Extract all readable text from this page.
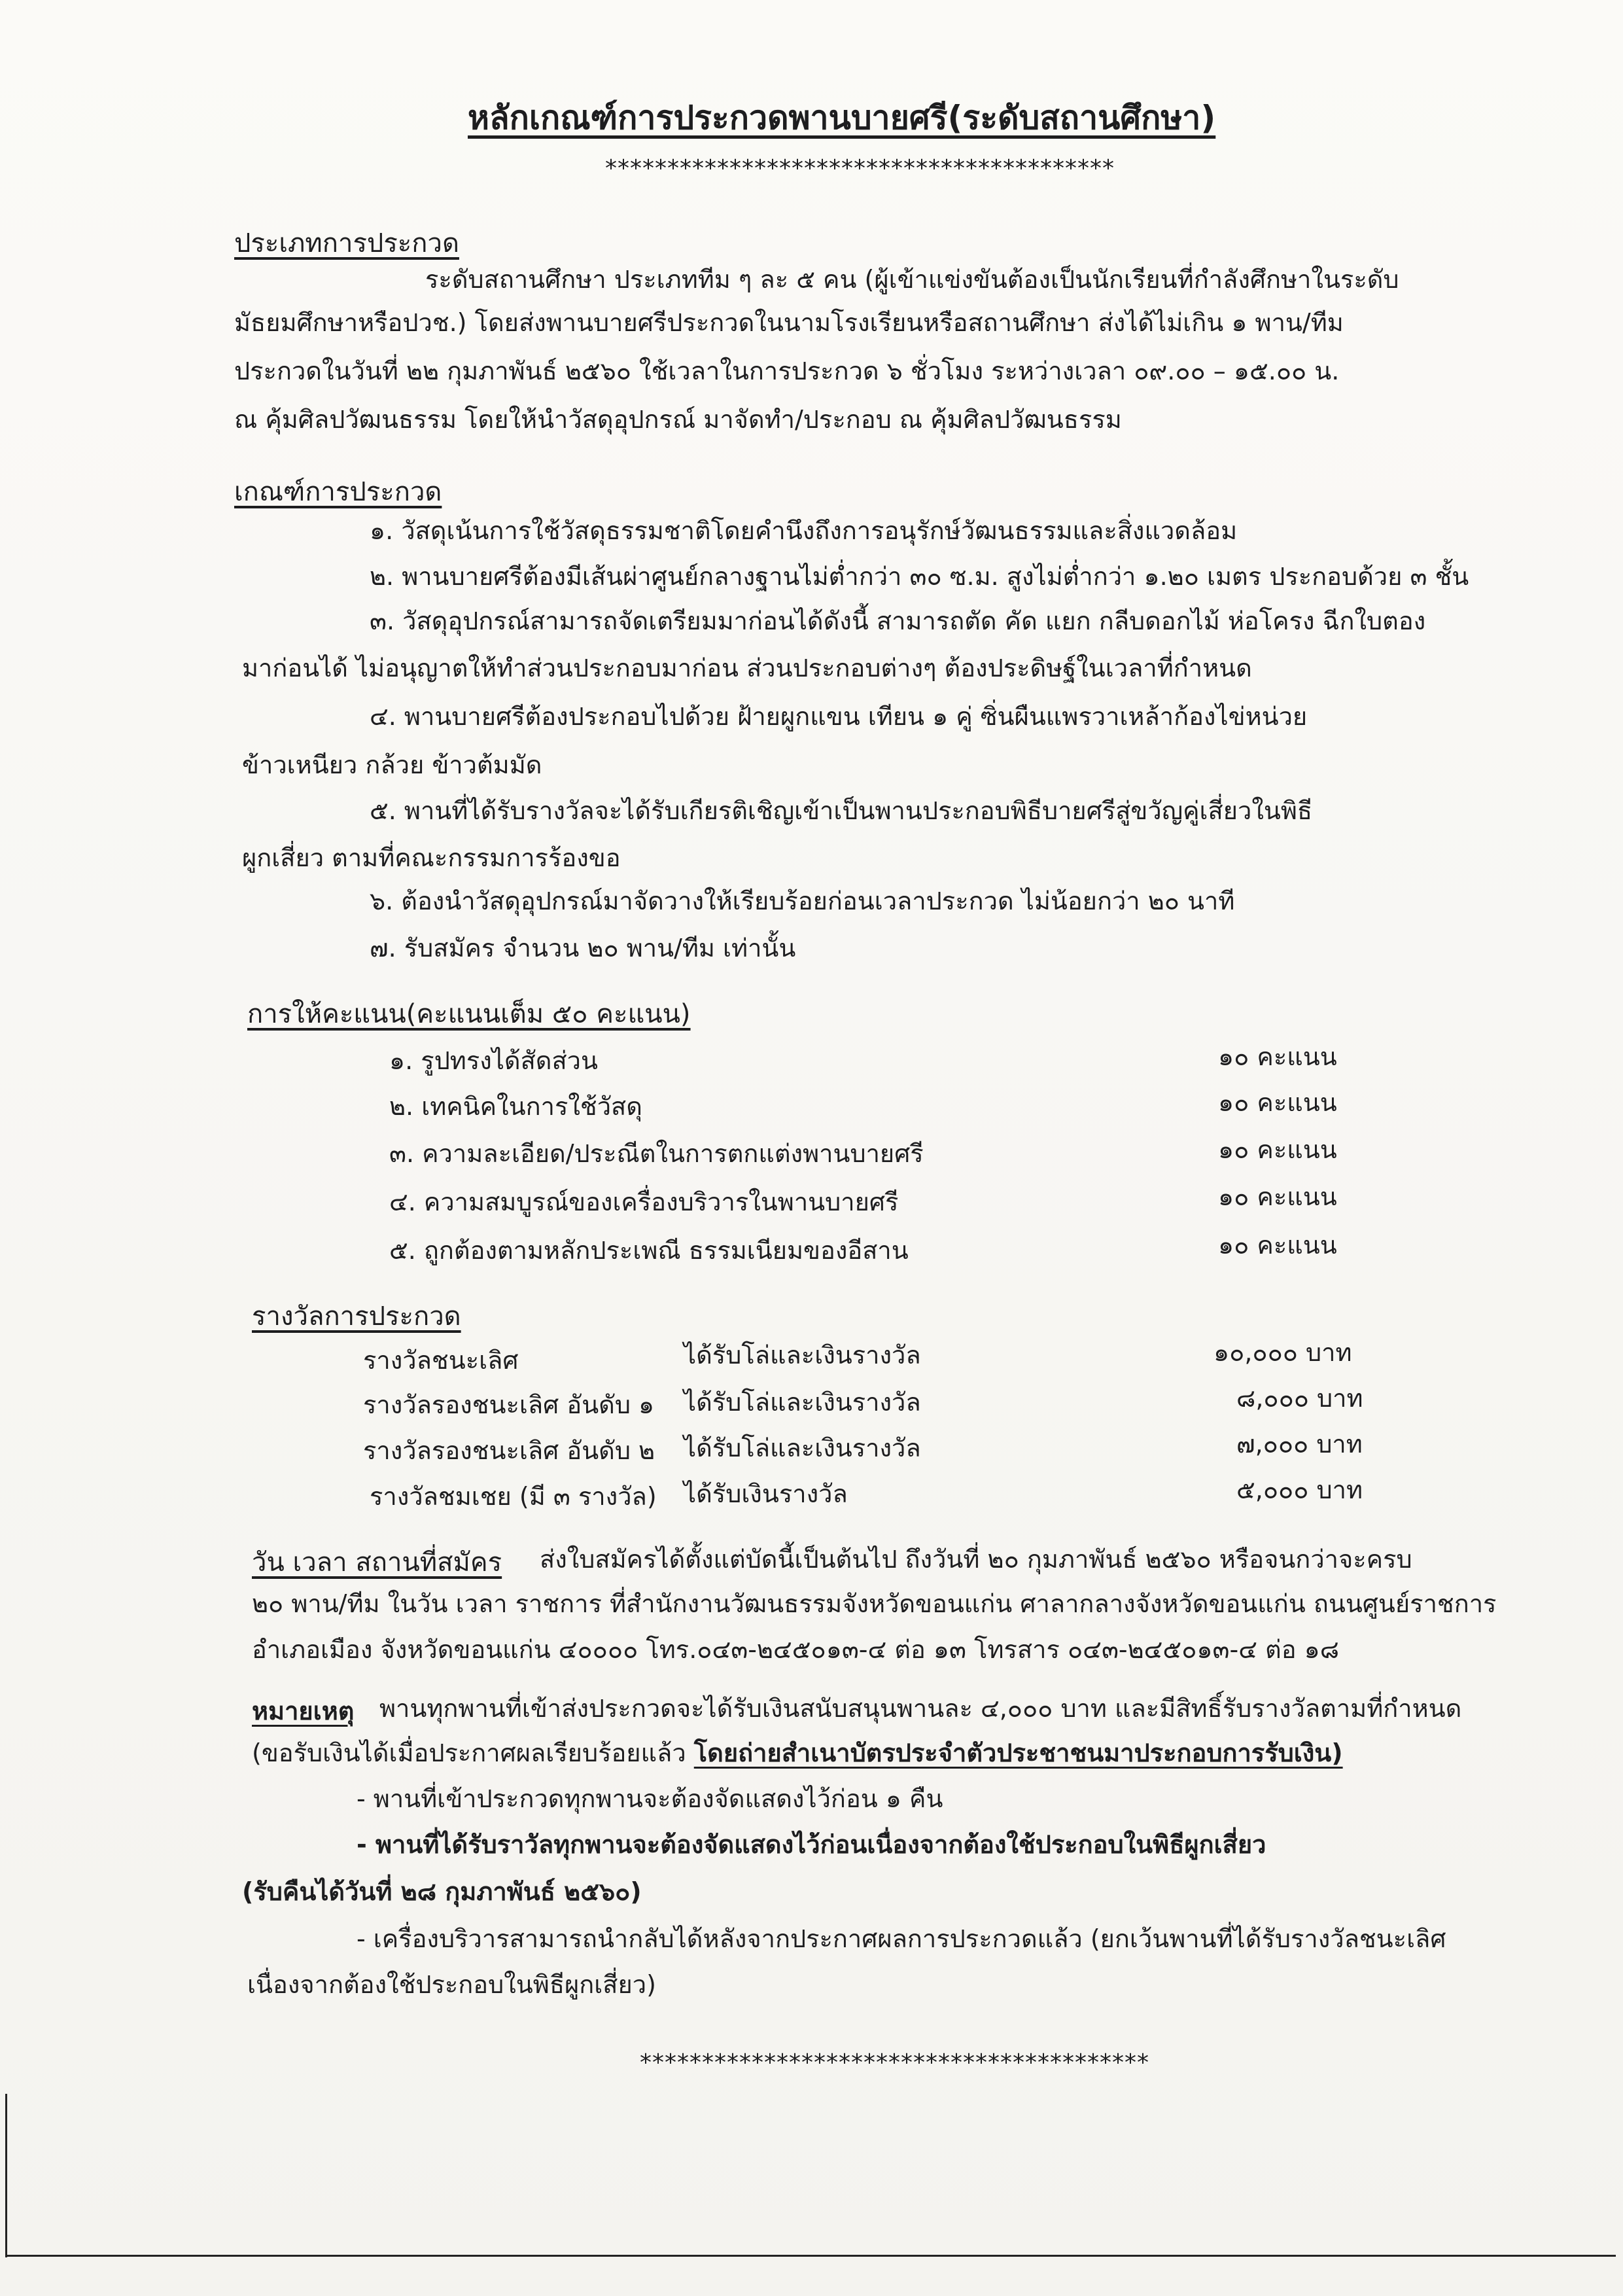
หลักเกณฑ์การประกวดพานบายศรี(ระดับสถานศึกษา)
*****************************************
ประเภทการประกวด
ระดับสถานศึกษา ประเภททีม ๆ ละ ๕ คน (ผู้เข้าแข่งขันต้องเป็นนักเรียนที่กำลังศึกษาในระดับ
มัธยมศึกษาหรือปวช.) โดยส่งพานบายศรีประกวดในนามโรงเรียนหรือสถานศึกษา ส่งได้ไม่เกิน ๑ พาน/ทีม
ประกวดในวันที่ ๒๒ กุมภาพันธ์ ๒๕๖๐ ใช้เวลาในการประกวด ๖ ชั่วโมง ระหว่างเวลา ๐๙.๐๐ – ๑๕.๐๐ น.
ณ คุ้มศิลปวัฒนธรรม โดยให้นำวัสดุอุปกรณ์ มาจัดทำ/ประกอบ ณ คุ้มศิลปวัฒนธรรม
เกณฑ์การประกวด
๑. วัสดุเน้นการใช้วัสดุธรรมชาติโดยคำนึงถึงการอนุรักษ์วัฒนธรรมและสิ่งแวดล้อม
๒. พานบายศรีต้องมีเส้นผ่าศูนย์กลางฐานไม่ต่ำกว่า ๓๐ ซ.ม. สูงไม่ต่ำกว่า ๑.๒๐ เมตร ประกอบด้วย ๓ ชั้น
๓. วัสดุอุปกรณ์สามารถจัดเตรียมมาก่อนได้ดังนี้ สามารถตัด คัด แยก กลีบดอกไม้ ห่อโครง ฉีกใบตอง
มาก่อนได้ ไม่อนุญาตให้ทำส่วนประกอบมาก่อน ส่วนประกอบต่างๆ ต้องประดิษฐ์ในเวลาที่กำหนด
๔. พานบายศรีต้องประกอบไปด้วย ฝ้ายผูกแขน เทียน ๑ คู่ ซิ่นผืนแพรวาเหล้าก้องไข่หน่วย
ข้าวเหนียว กล้วย ข้าวต้มมัด
๕. พานที่ได้รับรางวัลจะได้รับเกียรติเชิญเข้าเป็นพานประกอบพิธีบายศรีสู่ขวัญคู่เสี่ยวในพิธี
ผูกเสี่ยว ตามที่คณะกรรมการร้องขอ
๖. ต้องนำวัสดุอุปกรณ์มาจัดวางให้เรียบร้อยก่อนเวลาประกวด ไม่น้อยกว่า ๒๐ นาที
๗. รับสมัคร จำนวน ๒๐ พาน/ทีม เท่านั้น
การให้คะแนน(คะแนนเต็ม ๕๐ คะแนน)
๑. รูปทรงได้สัดส่วน	๑๐ คะแนน
๒. เทคนิคในการใช้วัสดุ	๑๐ คะแนน
๓. ความละเอียด/ประณีตในการตกแต่งพานบายศรี	๑๐ คะแนน
๔. ความสมบูรณ์ของเครื่องบริวารในพานบายศรี	๑๐ คะแนน
๕. ถูกต้องตามหลักประเพณี ธรรมเนียมของอีสาน	๑๐ คะแนน
รางวัลการประกวด
รางวัลชนะเลิศ	ได้รับโล่และเงินรางวัล	๑๐,๐๐๐ บาท
รางวัลรองชนะเลิศ อันดับ ๑ ได้รับโล่และเงินรางวัล	๘,๐๐๐ บาท
รางวัลรองชนะเลิศ อันดับ ๒ ได้รับโล่และเงินรางวัล	๗,๐๐๐ บาท
รางวัลชมเชย (มี ๓ รางวัล) ได้รับเงินรางวัล	๕,๐๐๐ บาท
วัน เวลา สถานที่สมัคร ส่งใบสมัครได้ตั้งแต่บัดนี้เป็นต้นไป ถึงวันที่ ๒๐ กุมภาพันธ์ ๒๕๖๐ หรือจนกว่าจะครบ
๒๐ พาน/ทีม ในวัน เวลา ราชการ ที่สำนักงานวัฒนธรรมจังหวัดขอนแก่น ศาลากลางจังหวัดขอนแก่น ถนนศูนย์ราชการ
อำเภอเมือง จังหวัดขอนแก่น ๔๐๐๐๐ โทร.๐๔๓-๒๔๕๐๑๓-๔ ต่อ ๑๓ โทรสาร ๐๔๓-๒๔๕๐๑๓-๔ ต่อ ๑๘
หมายเหตุ พานทุกพานที่เข้าส่งประกวดจะได้รับเงินสนับสนุนพานละ ๔,๐๐๐ บาท และมีสิทธิ์รับรางวัลตามที่กำหนด
(ขอรับเงินได้เมื่อประกาศผลเรียบร้อยแล้ว โดยถ่ายสำเนาบัตรประจำตัวประชาชนมาประกอบการรับเงิน)
- พานที่เข้าประกวดทุกพานจะต้องจัดแสดงไว้ก่อน ๑ คืน
- พานที่ได้รับราวัลทุกพานจะต้องจัดแสดงไว้ก่อนเนื่องจากต้องใช้ประกอบในพิธีผูกเสี่ยว
(รับคืนได้วันที่ ๒๘ กุมภาพันธ์ ๒๕๖๐)
- เครื่องบริวารสามารถนำกลับได้หลังจากประกาศผลการประกวดแล้ว (ยกเว้นพานที่ได้รับรางวัลชนะเลิศ
เนื่องจากต้องใช้ประกอบในพิธีผูกเสี่ยว)
*****************************************
